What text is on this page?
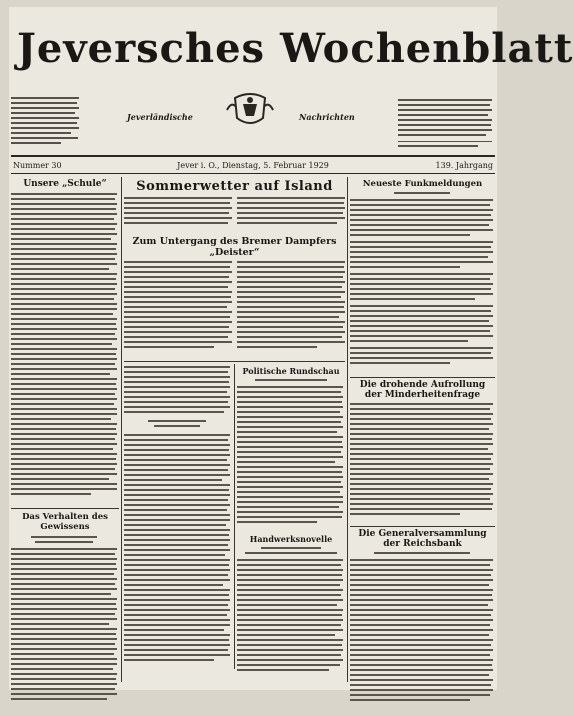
Jeversches Wochenblatt
Jeverländische	Nachrichten
Nummer 30	Jever i. O., Dienstag, 5. Februar 1929	139. Jahrgang
Unsere „Schule“
Das Verhalten des Gewissens
Sommerwetter auf Island
Zum Untergang des Bremer Dampfers „Deister“
Politische Rundschau
Handwerksnovelle
Neueste Funkmeldungen
Die drohende Aufrollung der Minderheitenfrage
Die Generalversammlung der Reichsbank
